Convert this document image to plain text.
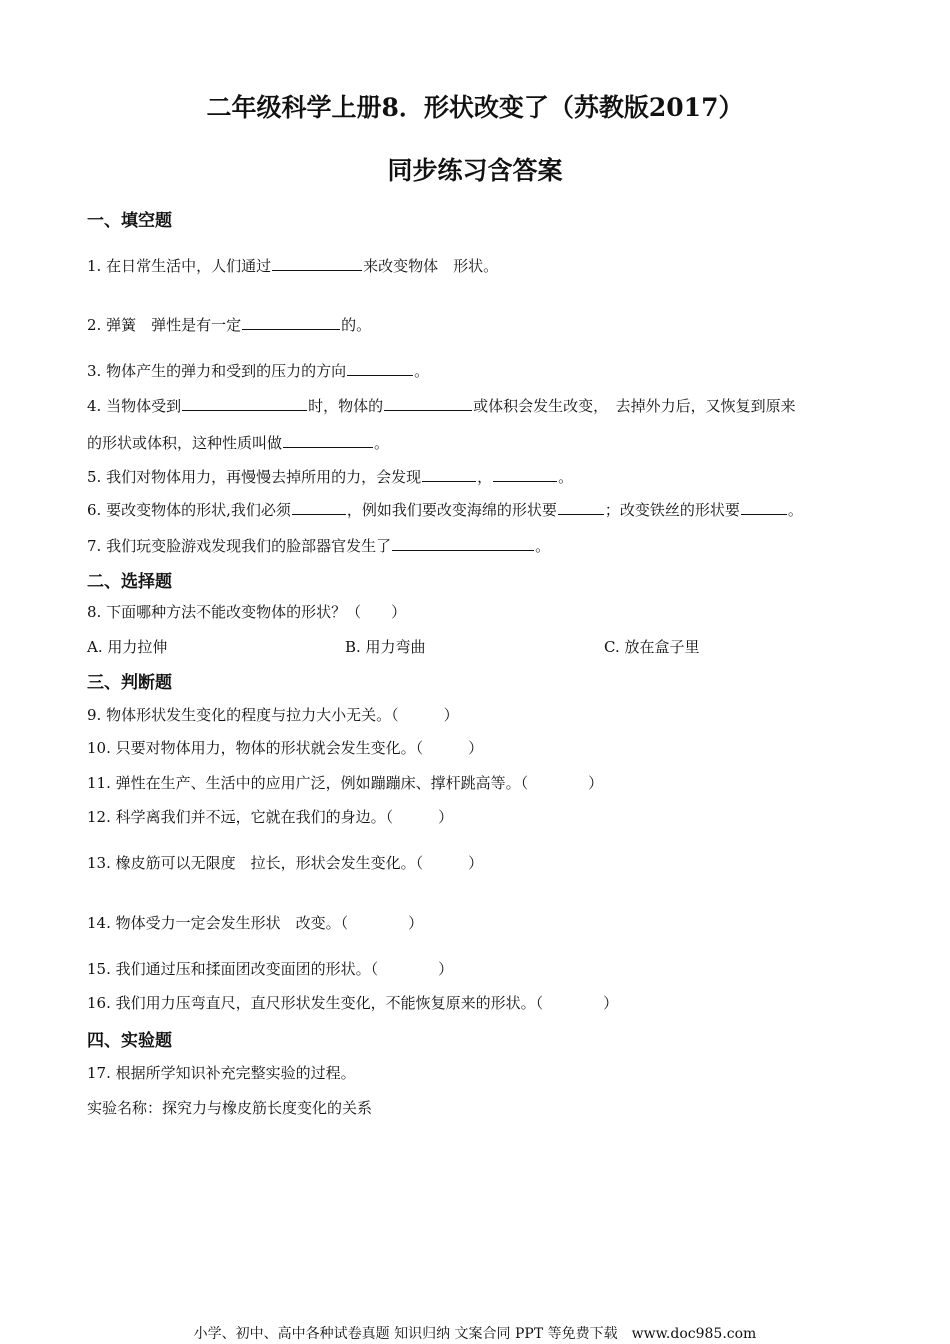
二年级科学上册8．形状改变了（苏教版2017）
同步练习含答案
一、填空题
1. 在日常生活中，人们通过	来改变物体　形状。
2. 弹簧　弹性是有一定	的。
3. 物体产生的弹力和受到的压力的方向	。
4. 当物体受到	时，物体的	或体积会发生改变，　去掉外力后，又恢复到原来
的形状或体积，这种性质叫做	。
5. 我们对物体用力，再慢慢去掉所用的力，会发现	，	。
6. 要改变物体的形状,我们必须	，例如我们要改变海绵的形状要	；改变铁丝的形状要	。
7. 我们玩变脸游戏发现我们的脸部器官发生了	。
二、选择题
8. 下面哪种方法不能改变物体的形状？（　　）
A. 用力拉伸	B. 用力弯曲	C. 放在盒子里
三、判断题
9. 物体形状发生变化的程度与拉力大小无关。（　　　）
10. 只要对物体用力，物体的形状就会发生变化。（　　　）
11. 弹性在生产、生活中的应用广泛，例如蹦蹦床、撑杆跳高等。（　　　　）
12. 科学离我们并不远，它就在我们的身边。（　　　）
13. 橡皮筋可以无限度　拉长，形状会发生变化。（　　　）
14. 物体受力一定会发生形状　改变。（　　　　）
15. 我们通过压和揉面团改变面团的形状。（　　　　）
16. 我们用力压弯直尺，直尺形状发生变化，不能恢复原来的形状。（　　　　）
四、实验题
17. 根据所学知识补充完整实验的过程。
实验名称：探究力与橡皮筋长度变化的关系
小学、初中、高中各种试卷真题 知识归纳 文案合同 PPT 等免费下载　www.doc985.com
